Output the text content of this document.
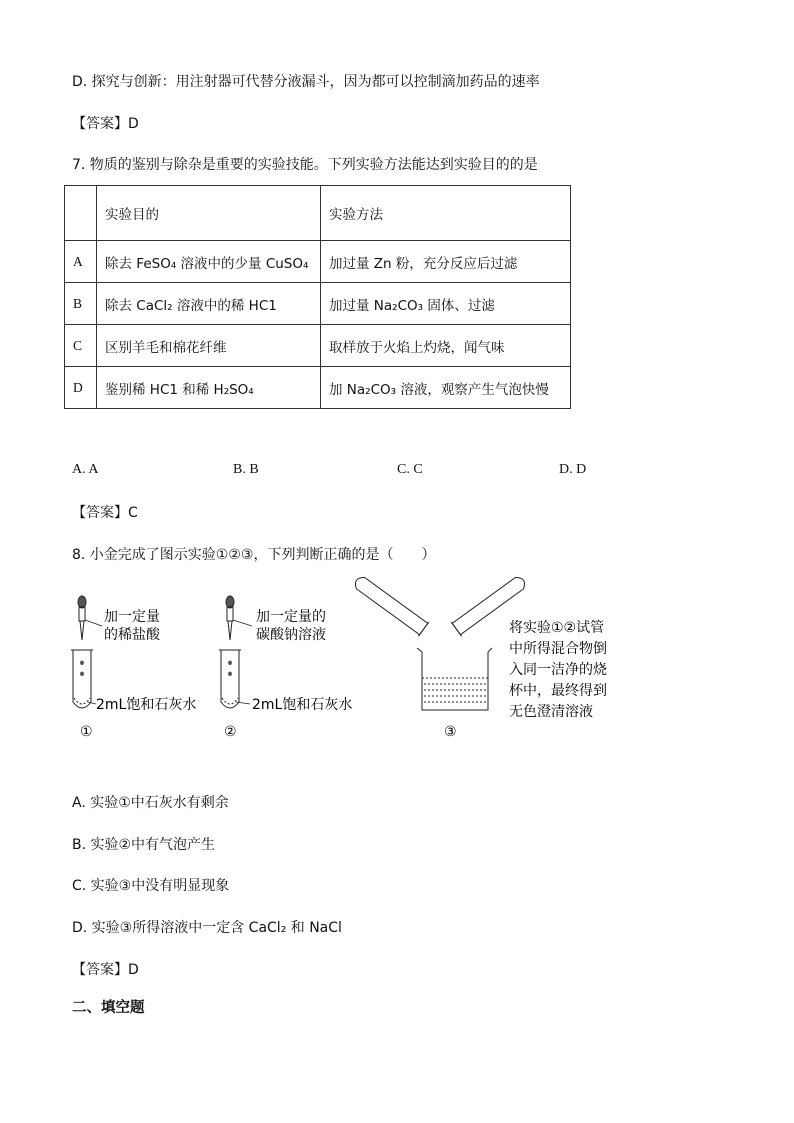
D. 探究与创新：用注射器可代替分液漏斗，因为都可以控制滴加药品的速率
【答案】D
7. 物质的鉴别与除杂是重要的实验技能。下列实验方法能达到实验目的的是
	实验目的	实验方法
A	除去 FeSO₄ 溶液中的少量 CuSO₄	加过量 Zn 粉，充分反应后过滤
B	除去 CaCl₂ 溶液中的稀 HC1	加过量 Na₂CO₃ 固体、过滤
C	区别羊毛和棉花纤维	取样放于火焰上灼烧，闻气味
D	鉴别稀 HC1 和稀 H₂SO₄	加 Na₂CO₃ 溶液，观察产生气泡快慢
A. A	B. B	C. C	D. D
【答案】C
8. 小金完成了图示实验①②③，下列判断正确的是（　　）
加一定量
的稀盐酸
2mL饱和石灰水
①
加一定量的
碳酸钠溶液
2mL饱和石灰水
②
将实验①②试管
中所得混合物倒
入同一洁净的烧
杯中，最终得到
无色澄清溶液
③
A. 实验①中石灰水有剩余
B. 实验②中有气泡产生
C. 实验③中没有明显现象
D. 实验③所得溶液中一定含 CaCl₂ 和 NaCl
【答案】D
二、填空题
